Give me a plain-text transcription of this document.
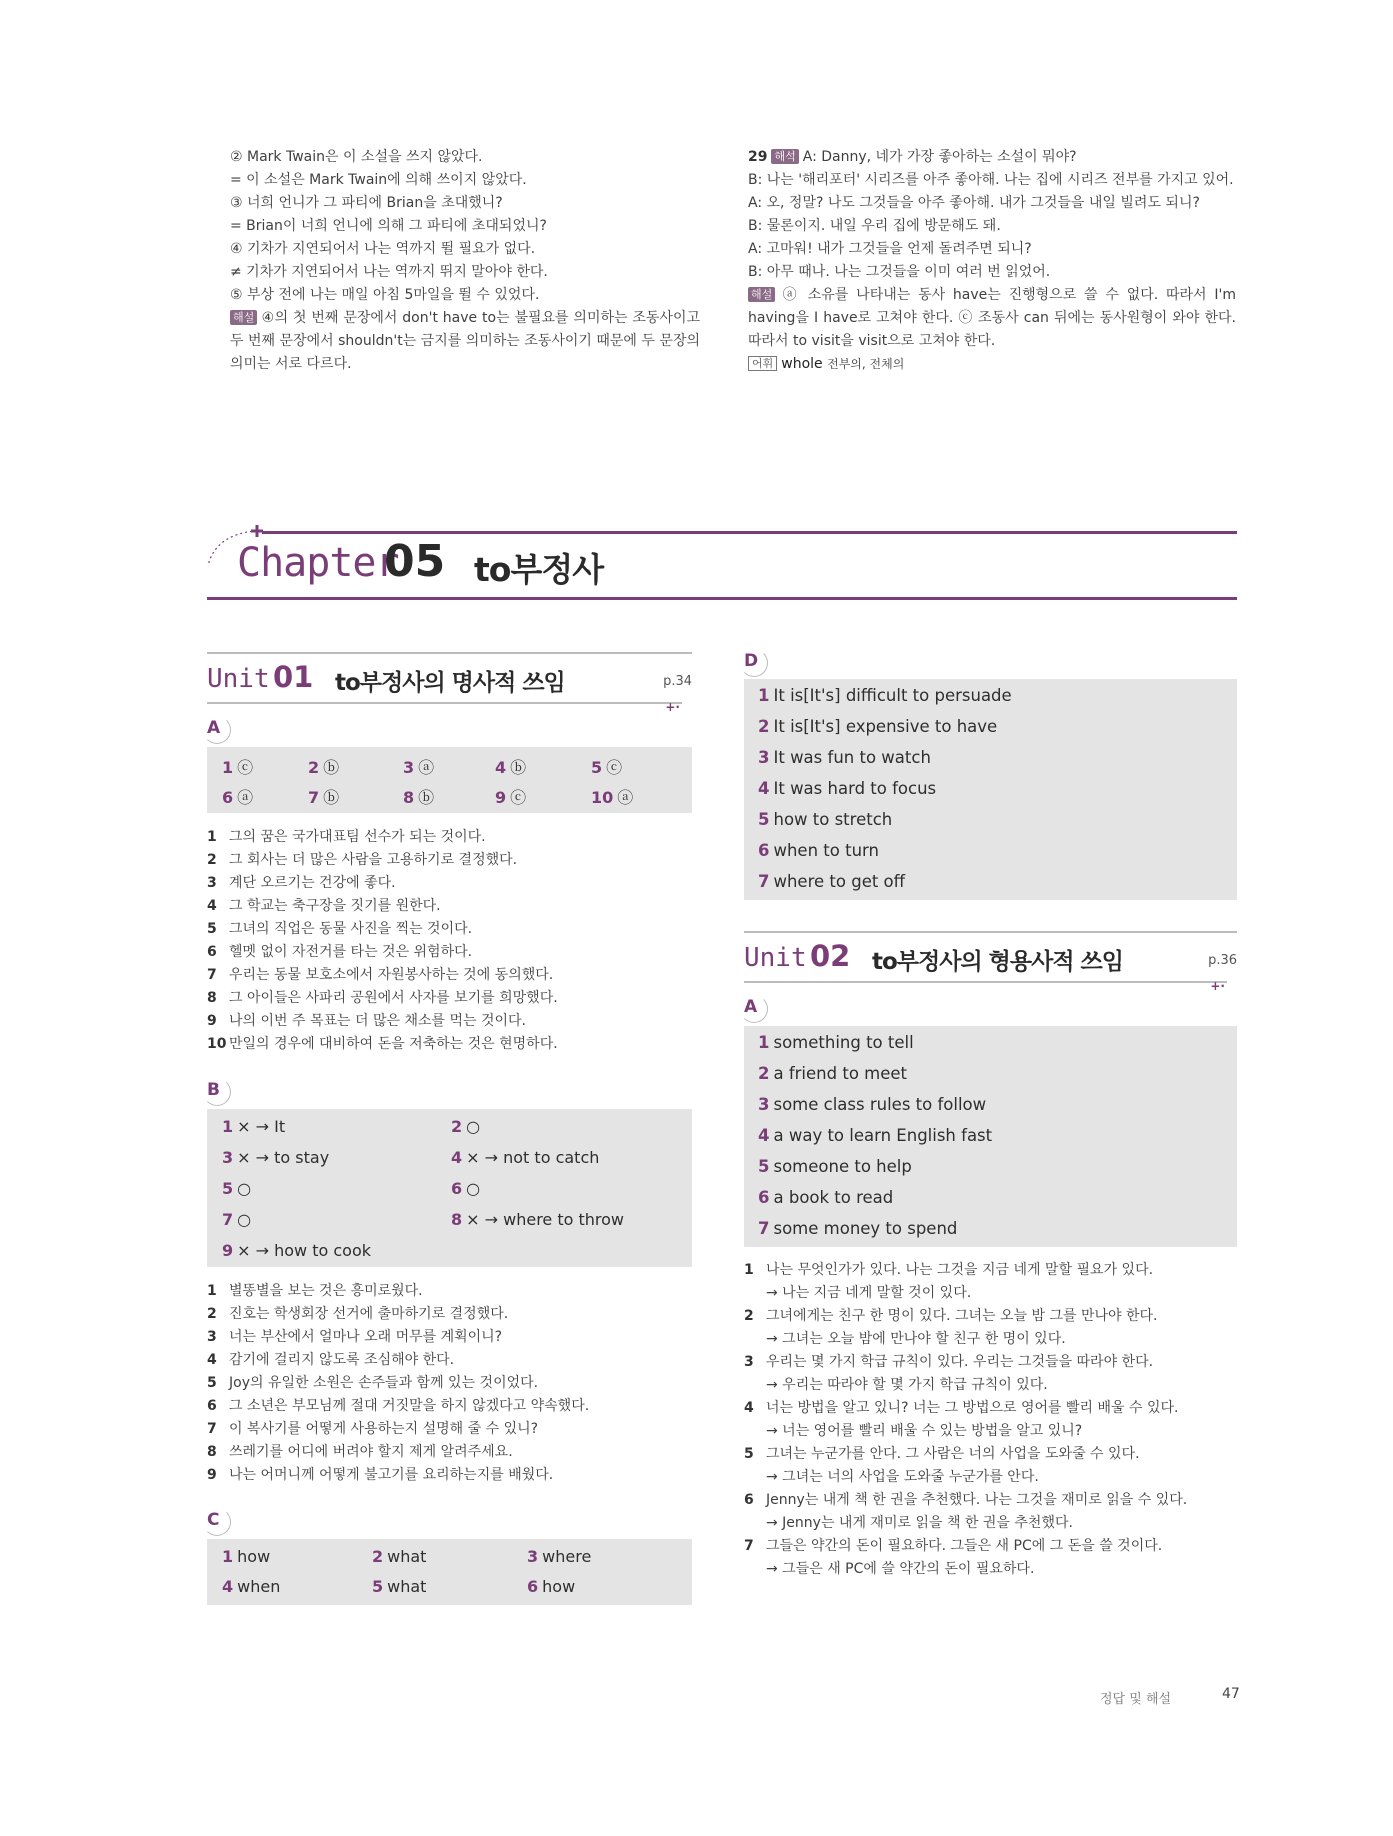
② Mark Twain은 이 소설을 쓰지 않았다.
= 이 소설은 Mark Twain에 의해 쓰이지 않았다.
③ 너희 언니가 그 파티에 Brian을 초대했니?
= Brian이 너희 언니에 의해 그 파티에 초대되었니?
④ 기차가 지연되어서 나는 역까지 뛸 필요가 없다.
≠ 기차가 지연되어서 나는 역까지 뛰지 말아야 한다.
⑤ 부상 전에 나는 매일 아침 5마일을 뛸 수 있었다.
해설 ④의 첫 번째 문장에서 don't have to는 불필요를 의미하는 조동사이고 두 번째 문장에서 shouldn't는 금지를 의미하는 조동사이기 때문에 두 문장의 의미는 서로 다르다.
29 해석 A: Danny, 네가 가장 좋아하는 소설이 뭐야?
B: 나는 '해리포터' 시리즈를 아주 좋아해. 나는 집에 시리즈 전부를 가지고 있어.
A: 오, 정말? 나도 그것들을 아주 좋아해. 내가 그것들을 내일 빌려도 되니?
B: 물론이지. 내일 우리 집에 방문해도 돼.
A: 고마워! 내가 그것들을 언제 돌려주면 되니?
B: 아무 때나. 나는 그것들을 이미 여러 번 읽었어.
해설 ⓐ 소유를 나타내는 동사 have는 진행형으로 쓸 수 없다. 따라서 I'm having을 I have로 고쳐야 한다. ⓒ 조동사 can 뒤에는 동사원형이 와야 한다. 따라서 to visit을 visit으로 고쳐야 한다.
어휘 whole 전부의, 전체의
Chapter
05 to부정사
Unit 01 to부정사의 명사적 쓰임	p.34
+·
A
1 ⓒ	2 ⓑ	3 ⓐ	4 ⓑ	5 ⓒ
6 ⓐ	7 ⓑ	8 ⓑ	9 ⓒ	10 ⓐ
1 그의 꿈은 국가대표팀 선수가 되는 것이다.
2 그 회사는 더 많은 사람을 고용하기로 결정했다.
3 계단 오르기는 건강에 좋다.
4 그 학교는 축구장을 짓기를 원한다.
5 그녀의 직업은 동물 사진을 찍는 것이다.
6 헬멧 없이 자전거를 타는 것은 위험하다.
7 우리는 동물 보호소에서 자원봉사하는 것에 동의했다.
8 그 아이들은 사파리 공원에서 사자를 보기를 희망했다.
9 나의 이번 주 목표는 더 많은 채소를 먹는 것이다.
10 만일의 경우에 대비하여 돈을 저축하는 것은 현명하다.
B
1 × → It	2 ○
3 × → to stay	4 × → not to catch
5 ○	6 ○
7 ○	8 × → where to throw
9 × → how to cook
1 별똥별을 보는 것은 흥미로웠다.
2 진호는 학생회장 선거에 출마하기로 결정했다.
3 너는 부산에서 얼마나 오래 머무를 계획이니?
4 감기에 걸리지 않도록 조심해야 한다.
5 Joy의 유일한 소원은 손주들과 함께 있는 것이었다.
6 그 소년은 부모님께 절대 거짓말을 하지 않겠다고 약속했다.
7 이 복사기를 어떻게 사용하는지 설명해 줄 수 있니?
8 쓰레기를 어디에 버려야 할지 제게 알려주세요.
9 나는 어머니께 어떻게 불고기를 요리하는지를 배웠다.
C
1 how	2 what	3 where
4 when	5 what	6 how
D
1 It is[It's] difficult to persuade
2 It is[It's] expensive to have
3 It was fun to watch
4 It was hard to focus
5 how to stretch
6 when to turn
7 where to get off
Unit 02 to부정사의 형용사적 쓰임	p.36
+·
A
1 something to tell
2 a friend to meet
3 some class rules to follow
4 a way to learn English fast
5 someone to help
6 a book to read
7 some money to spend
1 나는 무엇인가가 있다. 나는 그것을 지금 네게 말할 필요가 있다.
→ 나는 지금 네게 말할 것이 있다.
2 그녀에게는 친구 한 명이 있다. 그녀는 오늘 밤 그를 만나야 한다.
→ 그녀는 오늘 밤에 만나야 할 친구 한 명이 있다.
3 우리는 몇 가지 학급 규칙이 있다. 우리는 그것들을 따라야 한다.
→ 우리는 따라야 할 몇 가지 학급 규칙이 있다.
4 너는 방법을 알고 있니? 너는 그 방법으로 영어를 빨리 배울 수 있다.
→ 너는 영어를 빨리 배울 수 있는 방법을 알고 있니?
5 그녀는 누군가를 안다. 그 사람은 너의 사업을 도와줄 수 있다.
→ 그녀는 너의 사업을 도와줄 누군가를 안다.
6 Jenny는 내게 책 한 권을 추천했다. 나는 그것을 재미로 읽을 수 있다.
→ Jenny는 내게 재미로 읽을 책 한 권을 추천했다.
7 그들은 약간의 돈이 필요하다. 그들은 새 PC에 그 돈을 쓸 것이다.
→ 그들은 새 PC에 쓸 약간의 돈이 필요하다.
정답 및 해설	47
